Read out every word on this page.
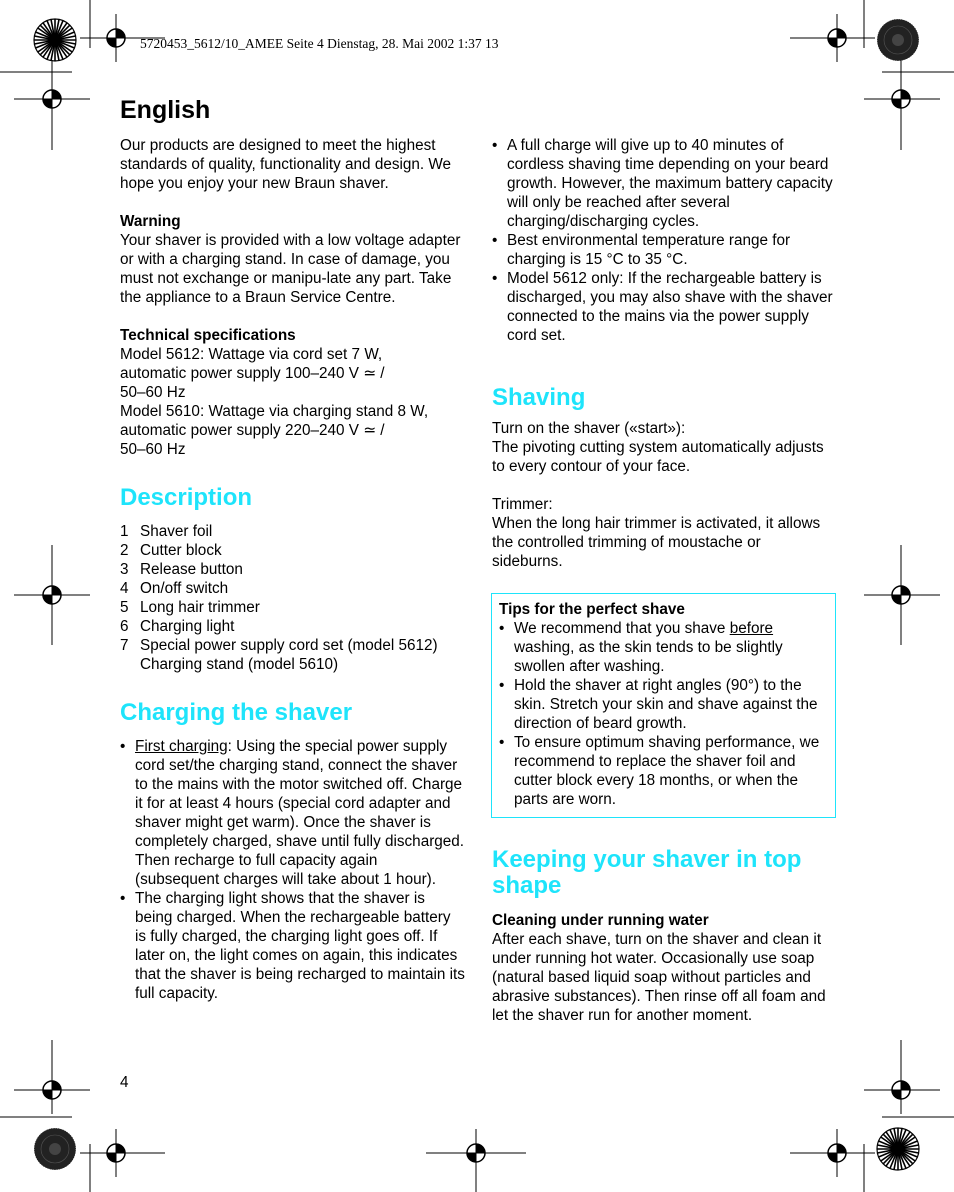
5720453_5612/10_AMEE Seite 4 Dienstag, 28. Mai 2002 1:37 13
English

Our products are designed to meet the highest standards of quality, functionality and design. We hope you enjoy your new Braun shaver.

Warning

Your shaver is provided with a low voltage adapter or with a charging stand. In case of damage, you must not exchange or manipu-late any part. Take the appliance to a Braun Service Centre.

Technical specifications

Model 5612: Wattage via cord set 7 W,

automatic power supply 100–240 V ≃ /

50–60 Hz

Model 5610: Wattage via charging stand 8 W,

automatic power supply 220–240 V ≃ /

50–60 Hz

Description
1 Shaver foil
2 Cutter block
3 Release button
4 On/off switch
5 Long hair trimmer
6 Charging light
7 Special power supply cord set (model 5612)
Charging stand (model 5610)
Charging the shaver
• First charging: Using the special power supply cord set/the charging stand, connect the shaver to the mains with the motor switched off. Charge it for at least 4 hours (special cord adapter and shaver might get warm). Once the shaver is completely charged, shave until fully discharged. Then recharge to full capacity again (subsequent charges will take about 1 hour).
• The charging light shows that the shaver is being charged. When the rechargeable battery is fully charged, the charging light goes off. If later on, the light comes on again, this indicates that the shaver is being recharged to maintain its full capacity.
• A full charge will give up to 40 minutes of cordless shaving time depending on your beard growth. However, the maximum battery capacity will only be reached after several charging/discharging cycles.
• Best environmental temperature range for charging is 15 °C to 35 °C.
• Model 5612 only: If the rechargeable battery is discharged, you may also shave with the shaver connected to the mains via the power supply cord set.
Shaving

Turn on the shaver («start»):

The pivoting cutting system automatically adjusts to every contour of your face.

Trimmer:

When the long hair trimmer is activated, it allows the controlled trimming of moustache or sideburns.

Tips for the perfect shave

• We recommend that you shave before washing, as the skin tends to be slightly swollen after washing.
• Hold the shaver at right angles (90°) to the skin. Stretch your skin and shave against the direction of beard growth.
• To ensure optimum shaving performance, we recommend to replace the shaver foil and cutter block every 18 months, or when the parts are worn.
Keeping your shaver in top shape

Cleaning under running water

After each shave, turn on the shaver and clean it under running hot water. Occasionally use soap (natural based liquid soap without particles and abrasive substances). Then rinse off all foam and let the shaver run for another moment.

4
